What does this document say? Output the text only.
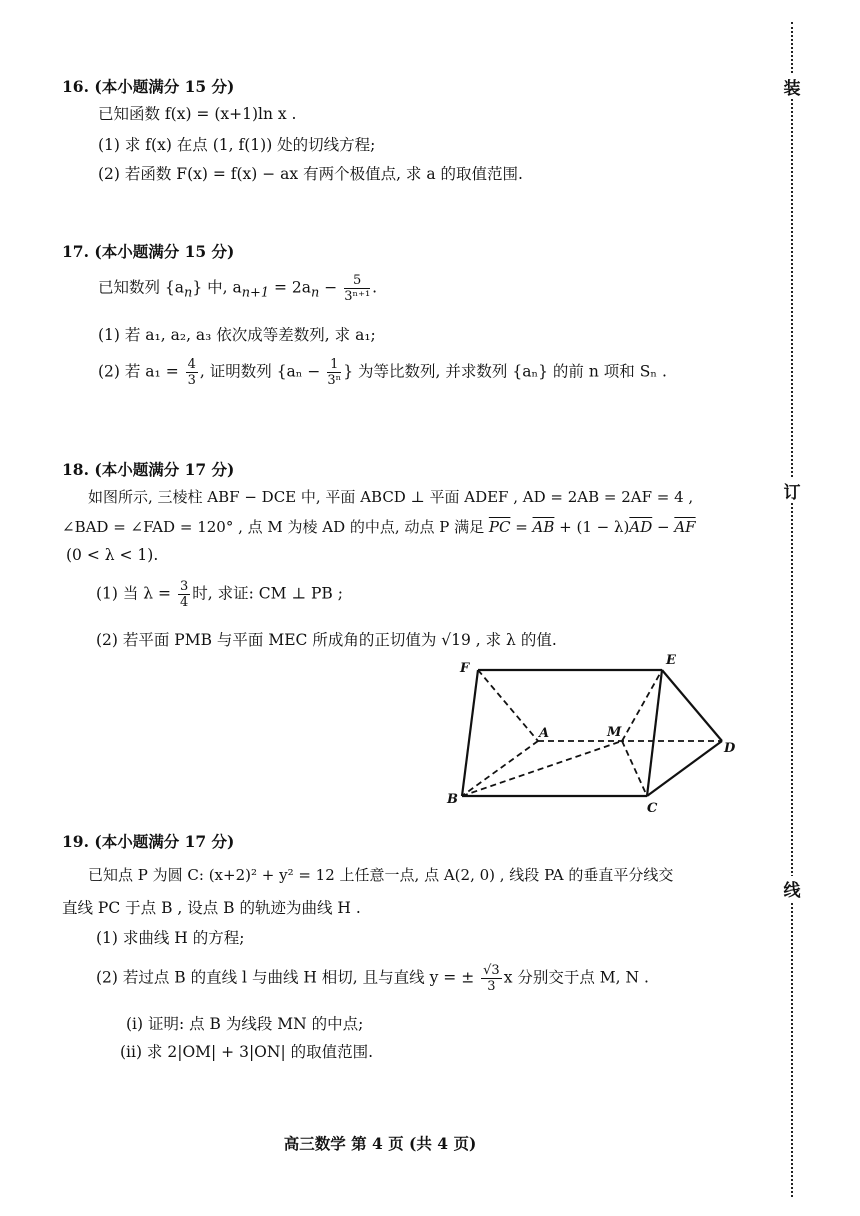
装
订
线
16. (本小题满分 15 分)
已知函数 f(x) = (x+1)ln x .
(1) 求 f(x) 在点 (1, f(1)) 处的切线方程;
(2) 若函数 F(x) = f(x) − ax 有两个极值点, 求 a 的取值范围.
17. (本小题满分 15 分)
已知数列 $\{a_n\}$ 中, $a_{n+1} = 2a_n - \frac{5}{\text{3ⁿ⁺¹}}$ .
(1) 若 a₁, a₂, a₃ 依次成等差数列, 求 a₁;
(2) 若 $a_1 = \frac{4}{3}$ , 证明数列 {$a_n - \frac{1}{\text{3ⁿ}}$ } 为等比数列, 并求数列 {aₙ} 的前 n 项和 Sₙ .
18. (本小题满分 17 分)
如图所示, 三棱柱 ABF − DCE 中, 平面 ABCD ⊥ 平面 ADEF , AD = 2AB = 2AF = 4 ,
∠BAD = ∠FAD = 120° , 点 M 为棱 AD 的中点, 动点 P 满足 $\overline{PC} = \overline{AB} + (1 - \lambda)\overline{AD} - \overline{AF}$
(0 < λ < 1).
(1) 当 $\lambda = \frac{3}{4}$ 时, 求证: CM ⊥ PB ;
(2) 若平面 PMB 与平面 MEC 所成角的正切值为 √19 , 求 λ 的值.
F
E
A	M
D
B
C
19. (本小题满分 17 分)
已知点 P 为圆 C: (x+2)² + y² = 12 上任意一点, 点 A(2, 0) , 线段 PA 的垂直平分线交
直线 PC 于点 B , 设点 B 的轨迹为曲线 H .
(1) 求曲线 H 的方程;
(2) 若过点 B 的直线 l 与曲线 H 相切, 且与直线 y = ± $\frac{√3}{3}$ x 分别交于点 M, N .
(i) 证明: 点 B 为线段 MN 的中点;
(ii) 求 2|OM| + 3|ON| 的取值范围.
高三数学 第 4 页 (共 4 页)
